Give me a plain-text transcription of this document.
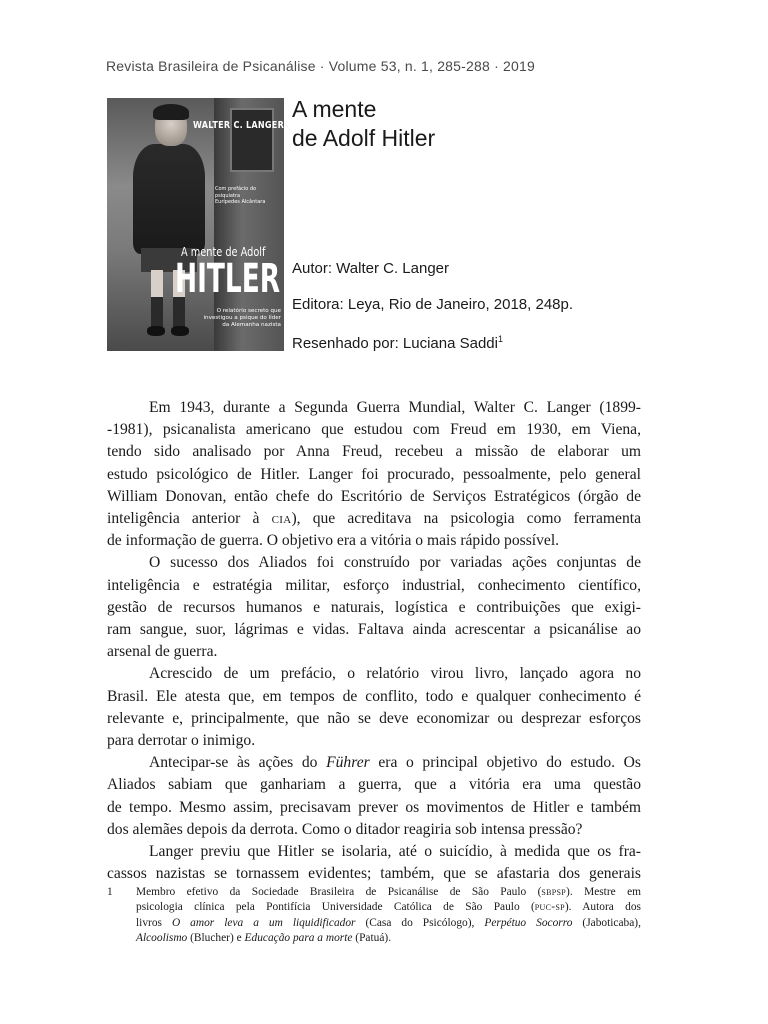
Revista Brasileira de Psicanálise · Volume 53, n. 1, 285-288 · 2019
WALTER C. LANGER
Com prefácio do psiquiatra
Eurípedes Alcântara
A mente de Adolf
HITLER
O relatório secreto que
investigou a psique do líder
da Alemanha nazista
A mente
de Adolf Hitler
Autor: Walter C. Langer
Editora: Leya, Rio de Janeiro, 2018, 248p.
Resenhado por: Luciana Saddi$^1$
Em 1943, durante a Segunda Guerra Mundial, Walter C. Langer (1899-
-1981), psicanalista americano que estudou com Freud em 1930, em Viena,
tendo sido analisado por Anna Freud, recebeu a missão de elaborar um
estudo psicológico de Hitler. Langer foi procurado, pessoalmente, pelo general
William Donovan, então chefe do Escritório de Serviços Estratégicos (órgão de
inteligência anterior à cia), que acreditava na psicologia como ferramenta
de informação de guerra. O objetivo era a vitória o mais rápido possível.
O sucesso dos Aliados foi construído por variadas ações conjuntas de
inteligência e estratégia militar, esforço industrial, conhecimento científico,
gestão de recursos humanos e naturais, logística e contribuições que exigi-
ram sangue, suor, lágrimas e vidas. Faltava ainda acrescentar a psicanálise ao
arsenal de guerra.
Acrescido de um prefácio, o relatório virou livro, lançado agora no
Brasil. Ele atesta que, em tempos de conflito, todo e qualquer conhecimento é
relevante e, principalmente, que não se deve economizar ou desprezar esforços
para derrotar o inimigo.
Antecipar-se às ações do Führer era o principal objetivo do estudo. Os
Aliados sabiam que ganhariam a guerra, que a vitória era uma questão
de tempo. Mesmo assim, precisavam prever os movimentos de Hitler e também
dos alemães depois da derrota. Como o ditador reagiria sob intensa pressão?
Langer previu que Hitler se isolaria, até o suicídio, à medida que os fra-
cassos nazistas se tornassem evidentes; também, que se afastaria dos generais
1 Membro efetivo da Sociedade Brasileira de Psicanálise de São Paulo (sbpsp). Mestre em
psicologia clínica pela Pontifícia Universidade Católica de São Paulo (puc-sp). Autora dos
livros O amor leva a um liquidificador (Casa do Psicólogo), Perpétuo Socorro (Jaboticaba),
Alcoolismo (Blucher) e Educação para a morte (Patuá).
